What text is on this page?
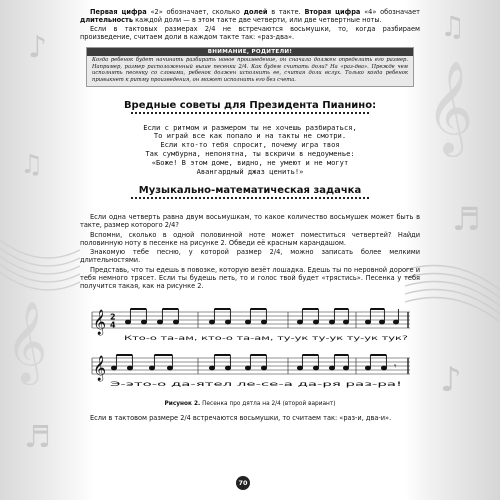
𝄞
𝄞
♫
♪
♬
♫
♪
♬

Первая цифра «2» обозначает, сколько долей в такте. Вторая цифра «4» обозначает длительность каждой доли — в этом такте две четверти, или две четвертные ноты.

Если в тактовых размерах 2/4 не встречаются восьмушки, то, когда разбираем произведение, считаем доли в каждом такте так: «раз-два».

ВНИМАНИЕ, РОДИТЕЛИ!

Когда ребенок будет начинать разбирать новое произведение, он сначала должен определить его размер. Например, размер расположенный выше песенки 2/4. Как будем считать доли? На «раз-два». Прежде чем исполнять песенку со словами, ребенок должен исполнить ее, считая доли вслух. Только когда ребенок привыкнет к ритму произведения, он может исполнить его без счета.

Вредные советы для Президента Пианино:
Если с ритмом и размером ты не хочешь разбираться,
То играй все как попало и на такты не смотри.
Если кто-то тебя спросит, почему игра твоя
Так сумбурна, непонятна, ты вскричи в недоуменье:
«Боже! В этом доме, видно, не умеют и не могут
Авангардный джаз ценить!»
Музыкально-математическая задачка

Если одна четверть равна двум восьмушкам, то какое количество восьмушек может быть в такте, размер которого 2/4?

Вспомни, сколько в одной половинной ноте может поместиться четвертей? Найди половинную ноту в песенке на рисунке 2. Обведи её красным карандашом.

Знакомую тебе песню, у которой размер 2/4, можно записать более мелкими длительностями.

Представь, что ты едешь в повозке, которую везёт лошадка. Едешь ты по неровной дороге и тебя немного трясет. Если ты будешь петь, то и голос твой будет «трястись». Песенка у тебя получится такая, как на рисунке 2.

𝄞 2
4
Кто-о та-ам, кто-о та-ам, ту-ук ту-ук ту-ук тук?
𝄞	𝄾
Э-это-о да-ятел ле-се-а да-ря раз-ра!
Рисунок 2. Песенка про дятла на 2/4 (второй вариант)

Если в тактовом размере 2/4 встречаются восьмушки, то считаем так: «раз-и, два-и».

70
